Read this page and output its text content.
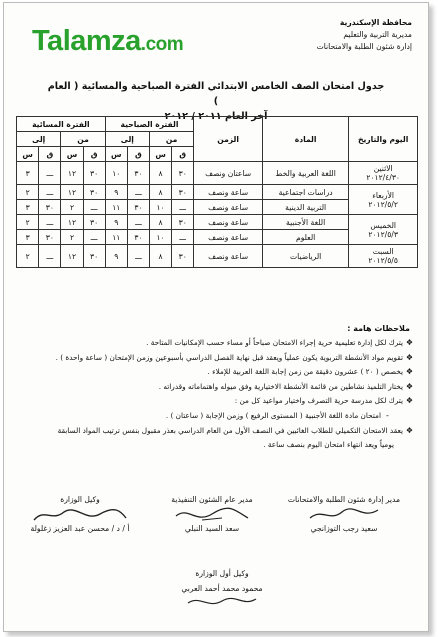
Talamza.com
محافظة الإسكندرية
مديرية التربية والتعليم
إدارة شئون الطلبة والامتحانات
جدول امتحان الصف الخامس الابتدائي الفترة الصباحية والمسائية ( العام )
آخر العام ٢٠١١ / ٢٠١٢
اليوم والتاريخ	المادة	الزمن	الفترة الصباحية				الفترة المسائية			
			من		إلى		من		إلى	
			ق	س	ق	س	ق	س	ق	س

الاثنين
٢٠١٢/٤/٣٠	اللغة العربية والخط	ساعتان ونصف	٣٠	٨	٣٠	١٠	٣٠	١٢	ـــ	٣

الأربعاء
٢٠١٢/٥/٢	دراسات اجتماعية	ساعة ونصف	٣٠	٨	ـــ	٩	٣٠	١٢	ـــ	٢
	التربية الدينية	ساعة ونصف	ـــ	١٠	٣٠	١١	ـــ	٢	٣٠	٣

الخميس
٢٠١٢/٥/٣	اللغة الأجنبية	ساعة ونصف	٣٠	٨	ـــ	٩	٣٠	١٢	ـــ	٢
	العلوم	ساعة ونصف	ـــ	١٠	٣٠	١١	ـــ	٢	٣٠	٣

السبت
٢٠١٢/٥/٥	الرياضيات	ساعة ونصف	٣٠	٨	ـــ	٩	٣٠	١٢	ـــ	٢
ملاحظات هامة :
❖يترك لكل إدارة تعليمية حرية إجراء الامتحان صباحاً أو مساء حسب الإمكانيات المتاحة .
❖تقويم مواد الأنشطة التربوية يكون عملياً ويعقد قبل نهاية الفصل الدراسي بأسبوعين وزمن الإمتحان ( ساعة واحدة ) .
❖يخصص ( ٢٠ ) عشرون دقيقة من زمن إجابة اللغة العربية للإملاء .
❖يختار التلميذ نشاطين من قائمة الأنشطة الاختيارية وفق ميوله واهتماماته وقدراته .
❖يترك لكل مدرسة حرية التصرف واختيار مواعيد كل من :
-امتحان مادة اللغة الأجنبية ( المستوى الرفيع ) وزمن الإجابة ( ساعتان ) .
❖يعقد الامتحان التكميلي للطلاب الغائبين في النصف الأول من العام الدراسي بعذر مقبول بنفس ترتيب المواد السابقة
يومياً ويعد انتهاء امتحان اليوم بنصف ساعة .
مدير إدارة شئون الطلبة والامتحانات
سعيد رجب التوزانجي
مدير عام الشئون التنفيذية
سعد السيد النبلي
وكيل الوزارة
أ / د / محسن عبد العزيز زغلولة
وكيل أول الوزارة
محمود محمد أحمد العربي
